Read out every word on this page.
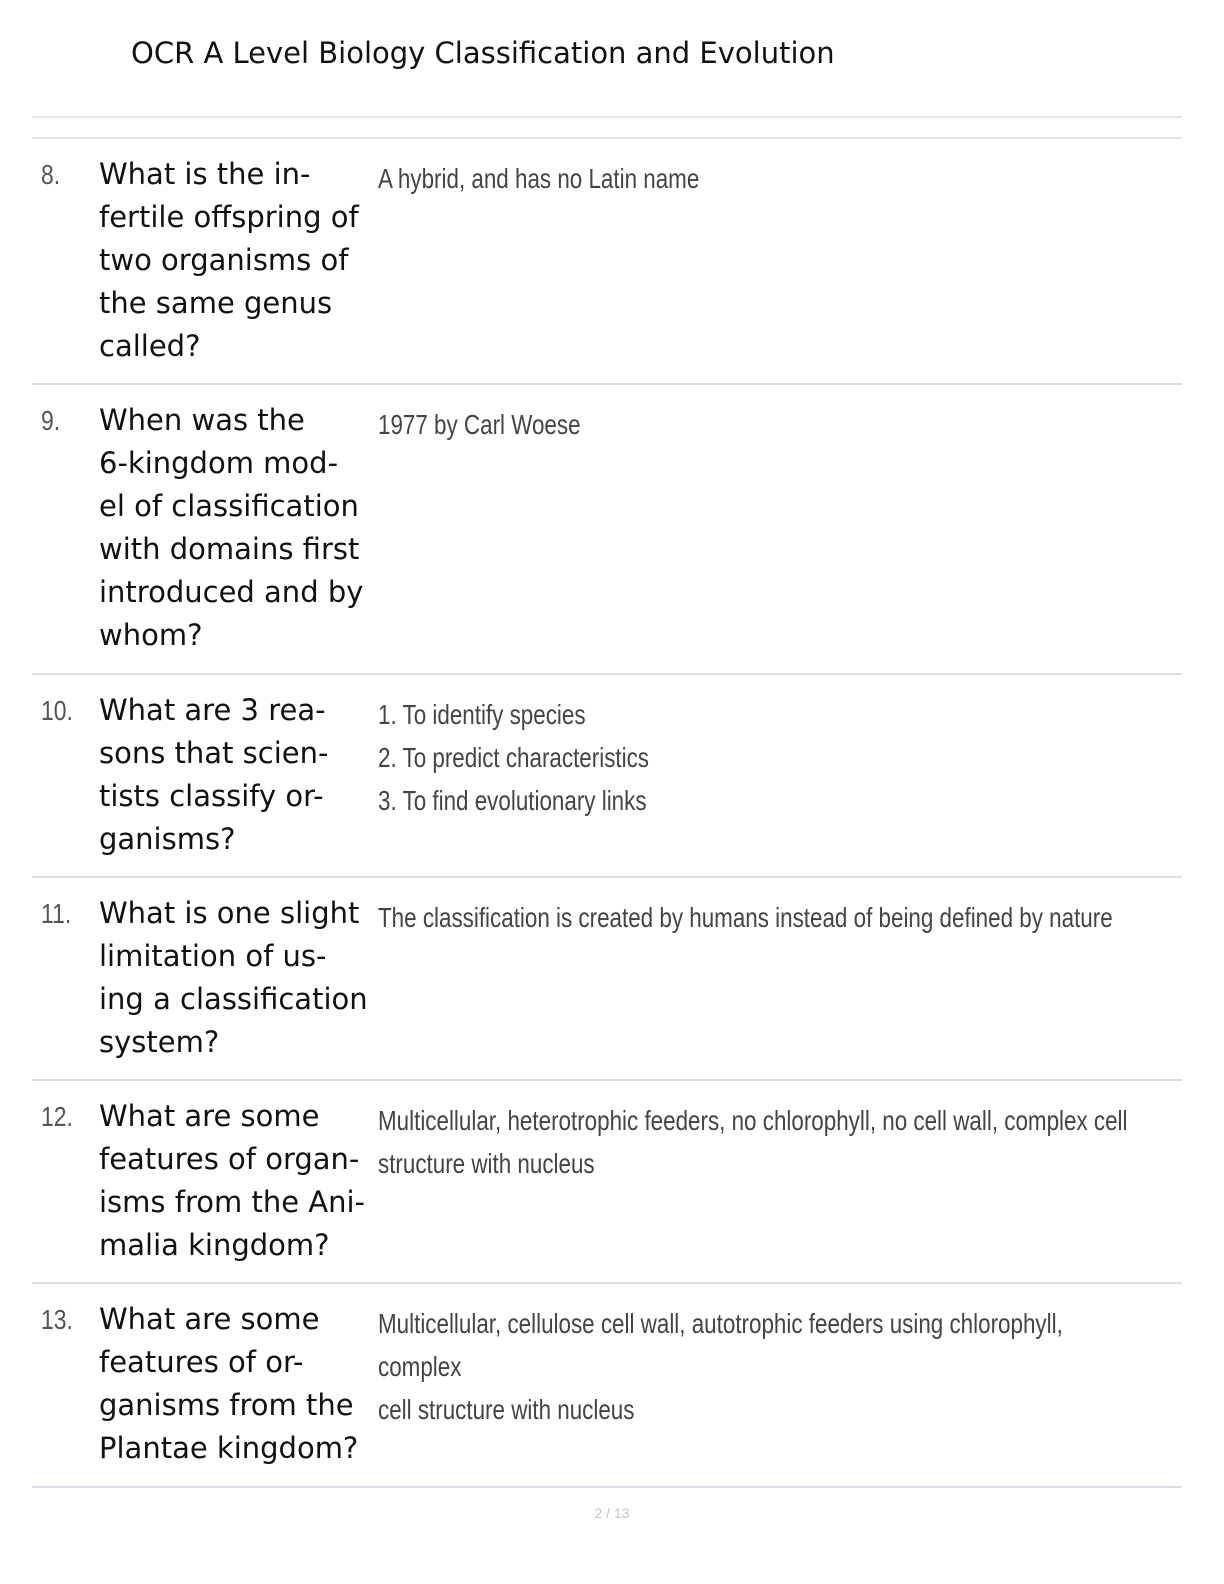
OCR A Level Biology Classification and Evolution
8. What is the in-
fertile offspring of
two organisms of
the same genus
called?
A hybrid, and has no Latin name
9. When was the
6-kingdom mod-
el of classification
with domains first
introduced and by
whom?
1977 by Carl Woese
10. What are 3 rea-
sons that scien-
tists classify or-
ganisms?
1. To identify species
2. To predict characteristics
3. To find evolutionary links
11. What is one slight
limitation of us-
ing a classification
system?
The classification is created by humans instead of being defined by nature
12. What are some
features of organ-
isms from the Ani-
malia kingdom?
Multicellular, heterotrophic feeders, no chlorophyll, no cell wall, complex cell
structure with nucleus
13. What are some
features of or-
ganisms from the
Plantae kingdom?
Multicellular, cellulose cell wall, autotrophic feeders using chlorophyll, complex
cell structure with nucleus
2 / 13
